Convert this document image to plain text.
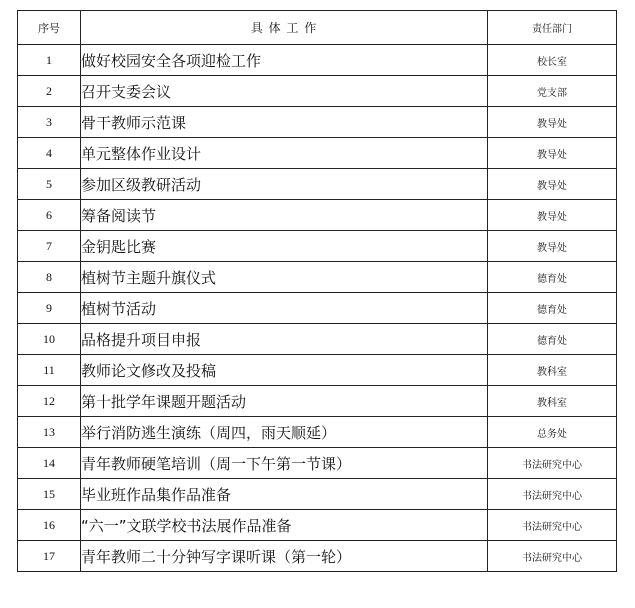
序号	具 体 工 作	责任部门
1	做好校园安全各项迎检工作	校长室
2	召开支委会议	党支部
3	骨干教师示范课	教导处
4	单元整体作业设计	教导处
5	参加区级教研活动	教导处
6	筹备阅读节	教导处
7	金钥匙比赛	教导处
8	植树节主题升旗仪式	德育处
9	植树节活动	德育处
10	品格提升项目申报	德育处
11	教师论文修改及投稿	教科室
12	第十批学年课题开题活动	教科室
13	举行消防逃生演练（周四，雨天顺延）	总务处
14	青年教师硬笔培训（周一下午第一节课）	书法研究中心
15	毕业班作品集作品准备	书法研究中心
16	“六一”文联学校书法展作品准备	书法研究中心
17	青年教师二十分钟写字课听课（第一轮）	书法研究中心
